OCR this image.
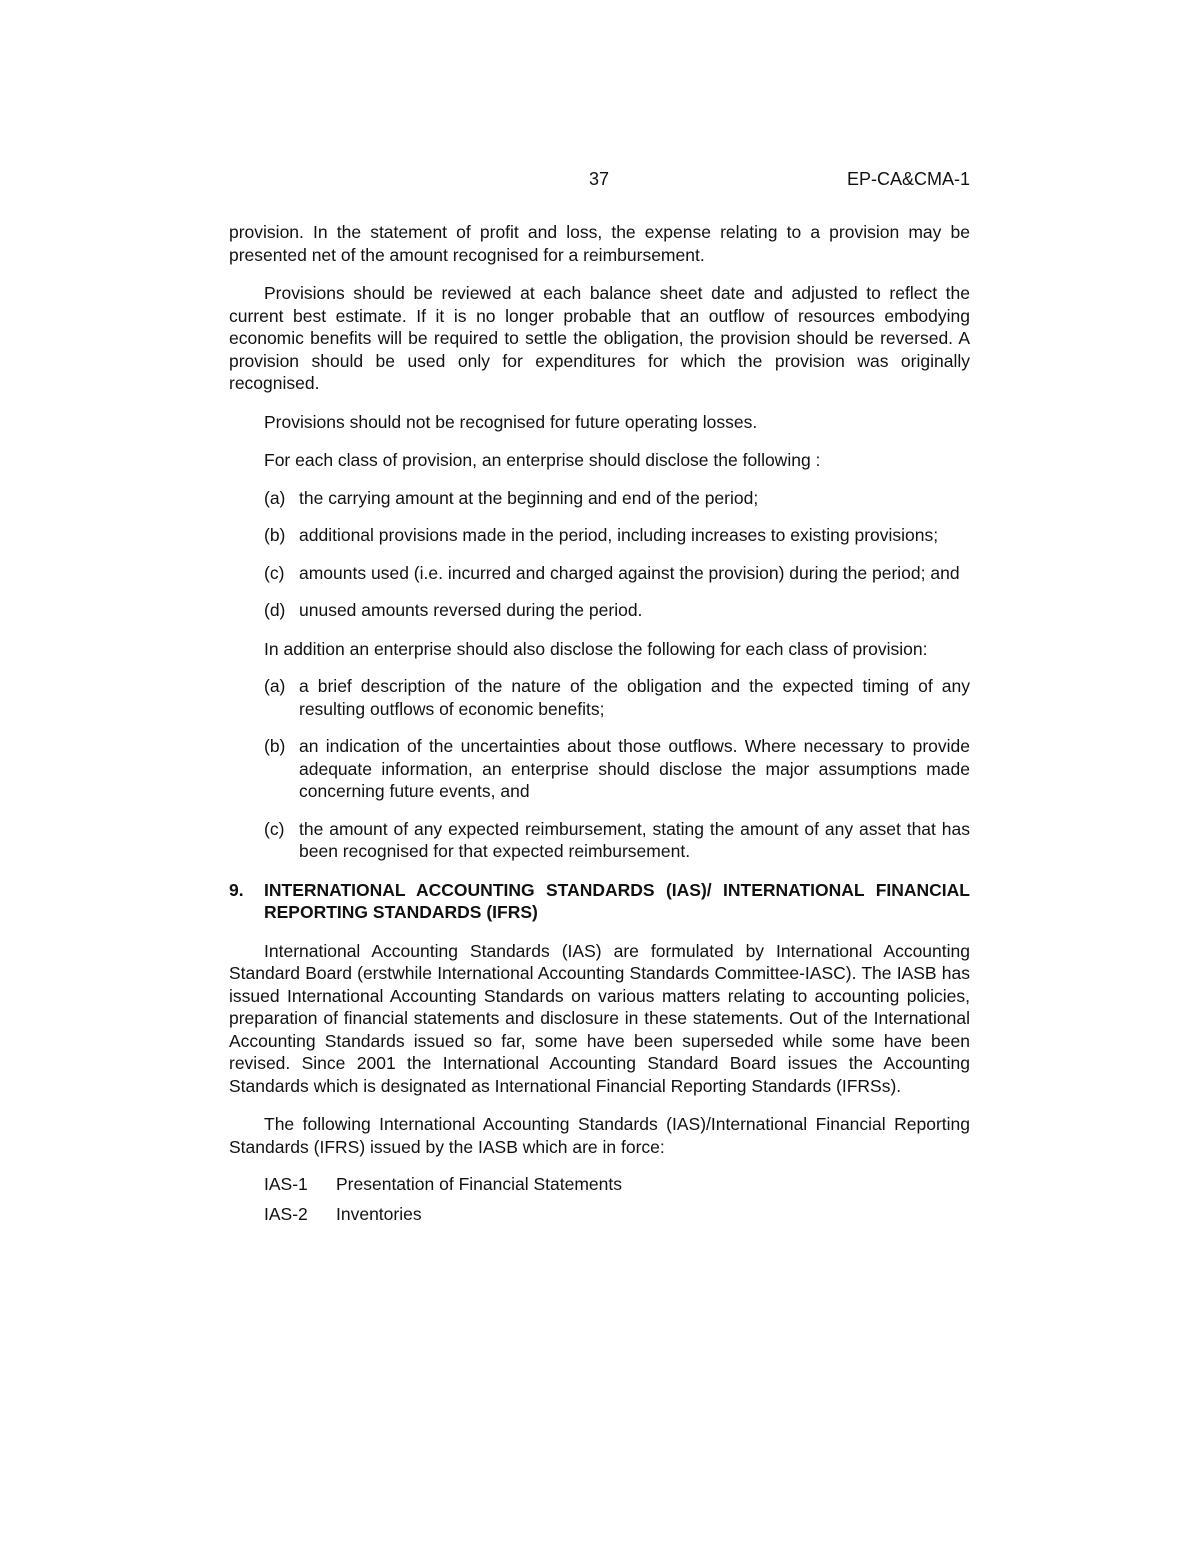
37	EP-CA&CMA-1

provision. In the statement of profit and loss, the expense relating to a provision may be presented net of the amount recognised for a reimbursement.

Provisions should be reviewed at each balance sheet date and adjusted to reflect the current best estimate. If it is no longer probable that an outflow of resources embodying economic benefits will be required to settle the obligation, the provision should be reversed. A provision should be used only for expenditures for which the provision was originally recognised.

Provisions should not be recognised for future operating losses.

For each class of provision, an enterprise should disclose the following :

(a) the carrying amount at the beginning and end of the period;
(b) additional provisions made in the period, including increases to existing provisions;
(c) amounts used (i.e. incurred and charged against the provision) during the period; and
(d) unused amounts reversed during the period.

In addition an enterprise should also disclose the following for each class of provision:

(a) a brief description of the nature of the obligation and the expected timing of any resulting outflows of economic benefits;
(b) an indication of the uncertainties about those outflows. Where necessary to provide adequate information, an enterprise should disclose the major assumptions made concerning future events, and
(c) the amount of any expected reimbursement, stating the amount of any asset that has been recognised for that expected reimbursement.
9.	INTERNATIONAL ACCOUNTING STANDARDS (IAS)/ INTERNATIONAL FINANCIAL REPORTING STANDARDS (IFRS)

International Accounting Standards (IAS) are formulated by International Accounting Standard Board (erstwhile International Accounting Standards Committee-IASC). The IASB has issued International Accounting Standards on various matters relating to accounting policies, preparation of financial statements and disclosure in these statements. Out of the International Accounting Standards issued so far, some have been superseded while some have been revised. Since 2001 the International Accounting Standard Board issues the Accounting Standards which is designated as International Financial Reporting Standards (IFRSs).

The following International Accounting Standards (IAS)/International Financial Reporting Standards (IFRS) issued by the IASB which are in force:

IAS-1	Presentation of Financial Statements
IAS-2	Inventories
